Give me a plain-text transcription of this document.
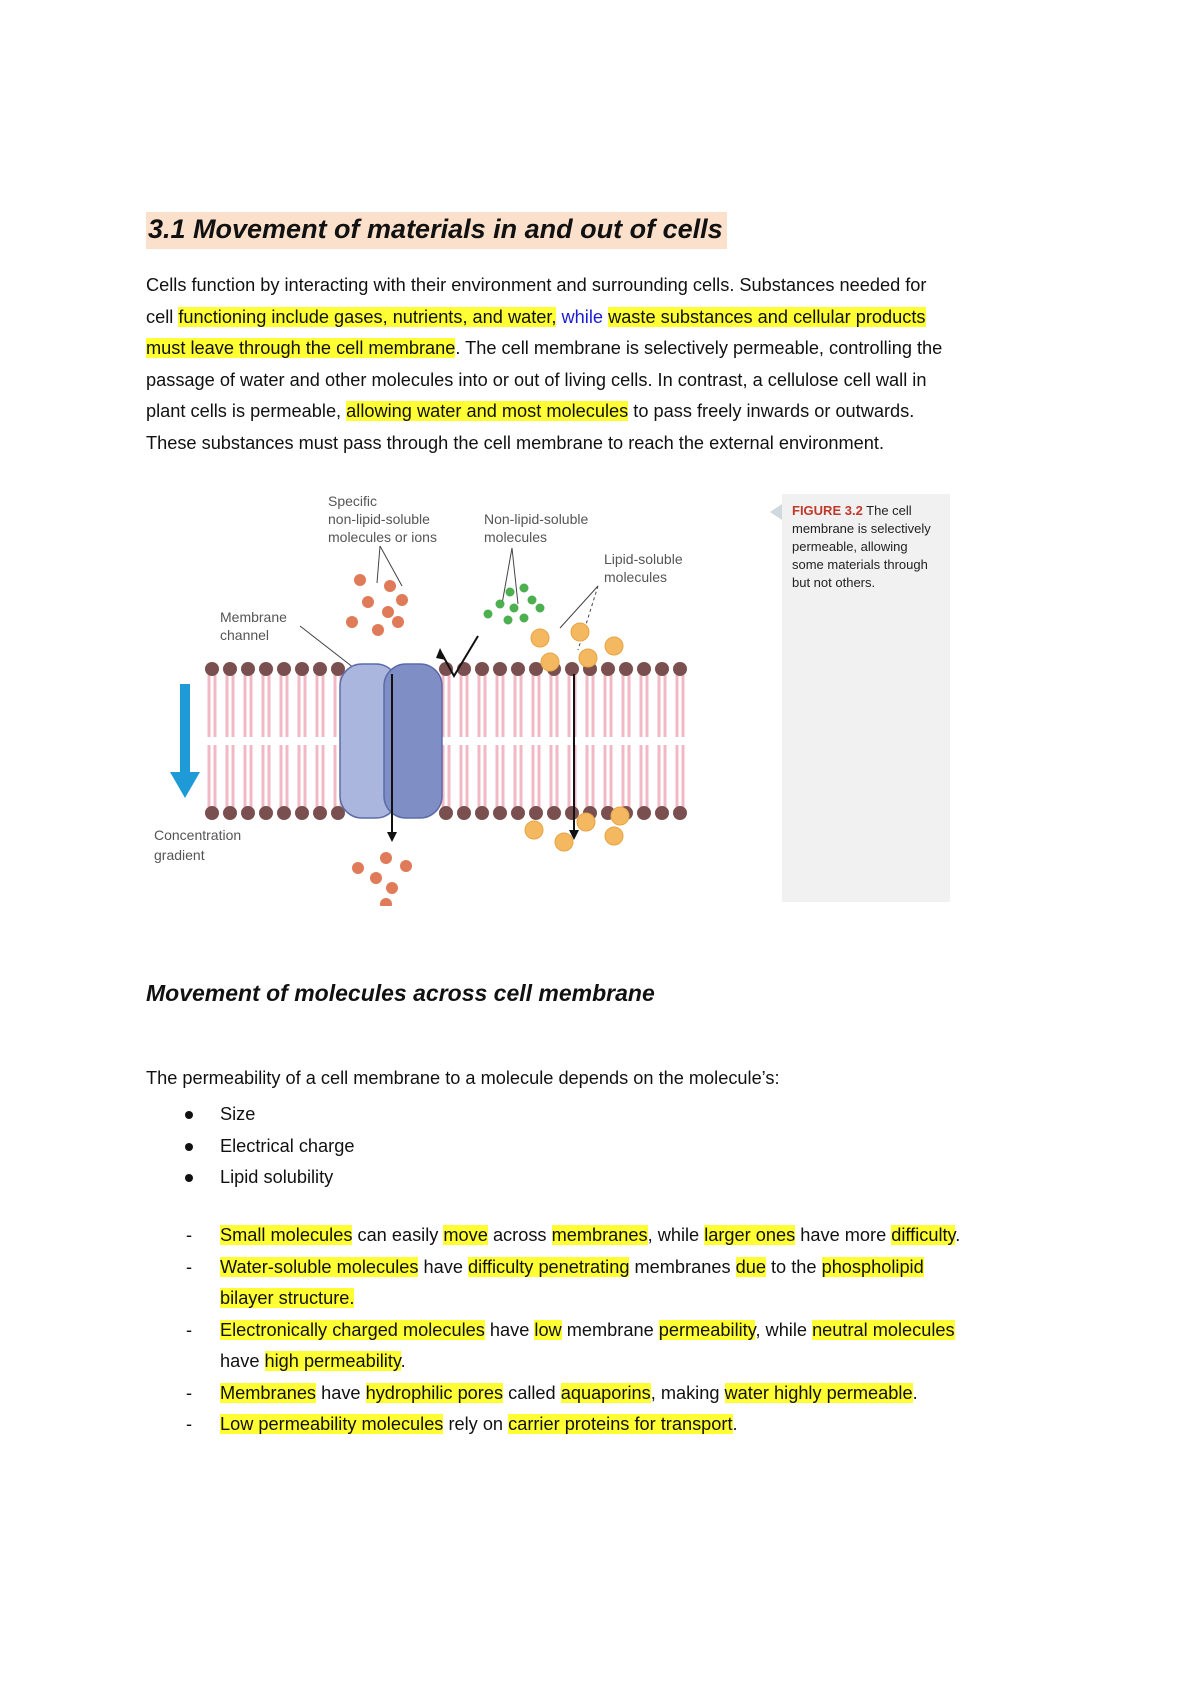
3.1 Movement of materials in and out of cells
Cells function by interacting with their environment and surrounding cells. Substances needed for
cell functioning include gases, nutrients, and water, while waste substances and cellular products
must leave through the cell membrane. The cell membrane is selectively permeable, controlling the
passage of water and other molecules into or out of living cells. In contrast, a cellulose cell wall in
plant cells is permeable, allowing water and most molecules to pass freely inwards or outwards.
These substances must pass through the cell membrane to reach the external environment.
FIGURE 3.2 The cell membrane is selectively permeable, allowing some materials through but not others.
Specific
non-lipid-soluble
molecules or ions
Non-lipid-soluble
molecules
Lipid-soluble
molecules
Membrane
channel
Concentration
gradient
Movement of molecules across cell membrane
The permeability of a cell membrane to a molecule depends on the molecule’s:
Size
Electrical charge
Lipid solubility
- Small molecules can easily move across membranes, while larger ones have more difficulty.
- Water-soluble molecules have difficulty penetrating membranes due to the phospholipid
bilayer structure.
- Electronically charged molecules have low membrane permeability, while neutral molecules
have high permeability.
- Membranes have hydrophilic pores called aquaporins, making water highly permeable.
- Low permeability molecules rely on carrier proteins for transport.
